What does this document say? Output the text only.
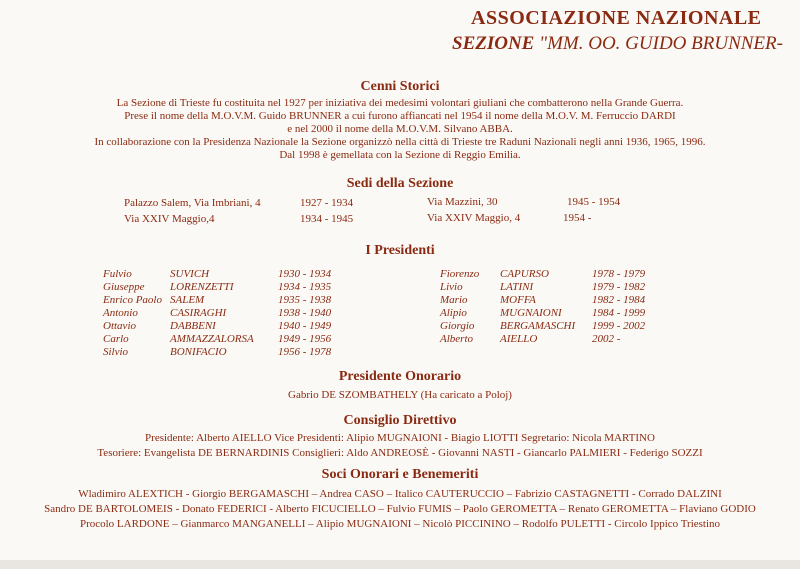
ASSOCIAZIONE NAZIONALE
SEZIONE "MM. OO. GUIDO BRUNNER-
Cenni Storici
La Sezione di Trieste fu costituita nel 1927 per iniziativa dei medesimi volontari giuliani che combatterono nella Grande Guerra.
Prese il nome della M.O.V.M. Guido BRUNNER a cui furono affiancati nel 1954 il nome della M.O.V. M. Ferruccio DARDI
e nel 2000 il nome della M.O.V.M. Silvano ABBA.
In collaborazione con la Presidenza Nazionale la Sezione organizzò nella città di Trieste tre Raduni Nazionali negli anni 1936, 1965, 1996.
Dal 1998 è gemellata con la Sezione di Reggio Emilia.
Sedi della Sezione
Palazzo Salem, Via Imbriani, 4	1927 - 1934
Via XXIV Maggio,4	1934 - 1945
Via Mazzini, 30	1945 - 1954
Via XXIV Maggio, 4	1954 -
I Presidenti
Fulvio	SUVICH	1930 - 1934
Giuseppe LORENZETTI	1934 - 1935
Enrico Paolo SALEM	1935 - 1938
Antonio	CASIRAGHI	1938 - 1940
Ottavio	DABBENI	1940 - 1949
Carlo	AMMAZZALORSA 1949 - 1956
Silvio	BONIFACIO	1956 - 1978
Fiorenzo CAPURSO	1978 - 1979
Livio	LATINI	1979 - 1982
Mario	MOFFA	1982 - 1984
Alipio	MUGNAIONI	1984 - 1999
Giorgio BERGAMASCHI 1999 - 2002
Alberto AIELLO	2002 -
Presidente Onorario
Gabrio DE SZOMBATHELY (Ha caricato a Poloj)
Consiglio Direttivo
Presidente: Alberto AIELLO Vice Presidenti: Alipio MUGNAIONI - Biagio LIOTTI Segretario: Nicola MARTINO
Tesoriere: Evangelista DE BERNARDINIS Consiglieri: Aldo ANDREOSÈ - Giovanni NASTI - Giancarlo PALMIERI - Federigo SOZZI
Soci Onorari e Benemeriti
Wladimiro ALEXTICH - Giorgio BERGAMASCHI – Andrea CASO – Italico CAUTERUCCIO – Fabrizio CASTAGNETTI - Corrado DALZINI
Sandro DE BARTOLOMEIS - Donato FEDERICI - Alberto FICUCIELLO – Fulvio FUMIS – Paolo GEROMETTA – Renato GEROMETTA – Flaviano GODIO
Procolo LARDONE – Gianmarco MANGANELLI – Alipio MUGNAIONI – Nicolò PICCININO – Rodolfo PULETTI - Circolo Ippico Triestino
